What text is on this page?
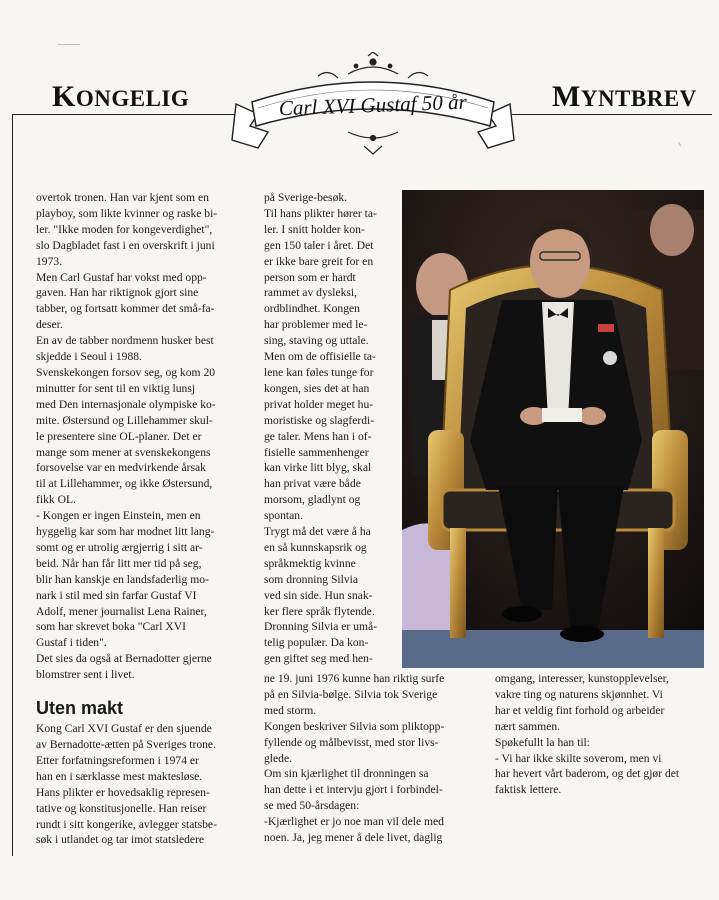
KONGELIG	MYNTBREV
Carl XVI Gustaf 50 år

overtok tronen. Han var kjent som en
playboy, som likte kvinner og raske bi-
ler. "Ikke moden for kongeverdighet",
slo Dagbladet fast i en overskrift i juni
1973.

Men Carl Gustaf har vokst med opp-
gaven. Han har riktignok gjort sine
tabber, og fortsatt kommer det små-fa-
deser.

En av de tabber nordmenn husker best
skjedde i Seoul i 1988.
Svenskekongen forsov seg, og kom 20
minutter for sent til en viktig lunsj
med Den internasjonale olympiske ko-
mite. Østersund og Lillehammer skul-
le presentere sine OL-planer. Det er
mange som mener at svenskekongens
forsovelse var en medvirkende årsak
til at Lillehammer, og ikke Østersund,
fikk OL.

- Kongen er ingen Einstein, men en
hyggelig kar som har modnet litt lang-
somt og er utrolig ærgjerrig i sitt ar-
beid. Når han får litt mer tid på seg,
blir han kanskje en landsfaderlig mo-
nark i stil med sin farfar Gustaf VI
Adolf, mener journalist Lena Rainer,
som har skrevet boka "Carl XVI
Gustaf i tiden".

Det sies da også at Bernadotter gjerne
blomstrer sent i livet.

Uten makt

Kong Carl XVI Gustaf er den sjuende
av Bernadotte-ætten på Sveriges trone.
Etter forfatningsreformen i 1974 er
han en i særklasse mest maktesløse.
Hans plikter er hovedsaklig represen-
tative og konstitusjonelle. Han reiser
rundt i sitt kongerike, avlegger statsbe-
søk i utlandet og tar imot statsledere

på Sverige-besøk.
Til hans plikter hører ta-
ler. I snitt holder kon-
gen 150 taler i året. Det
er ikke bare greit for en
person som er hardt
rammet av dysleksi,
ordblindhet. Kongen
har problemer med le-
sing, staving og uttale.
Men om de offisielle ta-
lene kan føles tunge for
kongen, sies det at han
privat holder meget hu-
moristiske og slagferdi-
ge taler. Mens han i of-
fisielle sammenhenger
kan virke litt blyg, skal
han privat være både
morsom, gladlynt og
spontan.
Trygt må det være å ha
en så kunnskapsrik og
språkmektig kvinne
som dronning Silvia
ved sin side. Hun snak-
ker flere språk flytende.
Dronning Silvia er umå-
telig populær. Da kon-
gen giftet seg med hen-

ne 19. juni 1976 kunne han riktig surfe
på en Silvia-bølge. Silvia tok Sverige
med storm.
Kongen beskriver Silvia som pliktopp-
fyllende og målbevisst, med stor livs-
glede.
Om sin kjærlighet til dronningen sa
han dette i et intervju gjort i forbindel-
se med 50-årsdagen:
-Kjærlighet er jo noe man vil dele med
noen. Ja, jeg mener å dele livet, daglig

omgang, interesser, kunstopplevelser,
vakre ting og naturens skjønnhet. Vi
har et veldig fint forhold og arbeider
nært sammen.
Spøkefullt la han til:
- Vi har ikke skilte soverom, men vi
har hevert vårt baderom, og det gjør det
faktisk lettere.
